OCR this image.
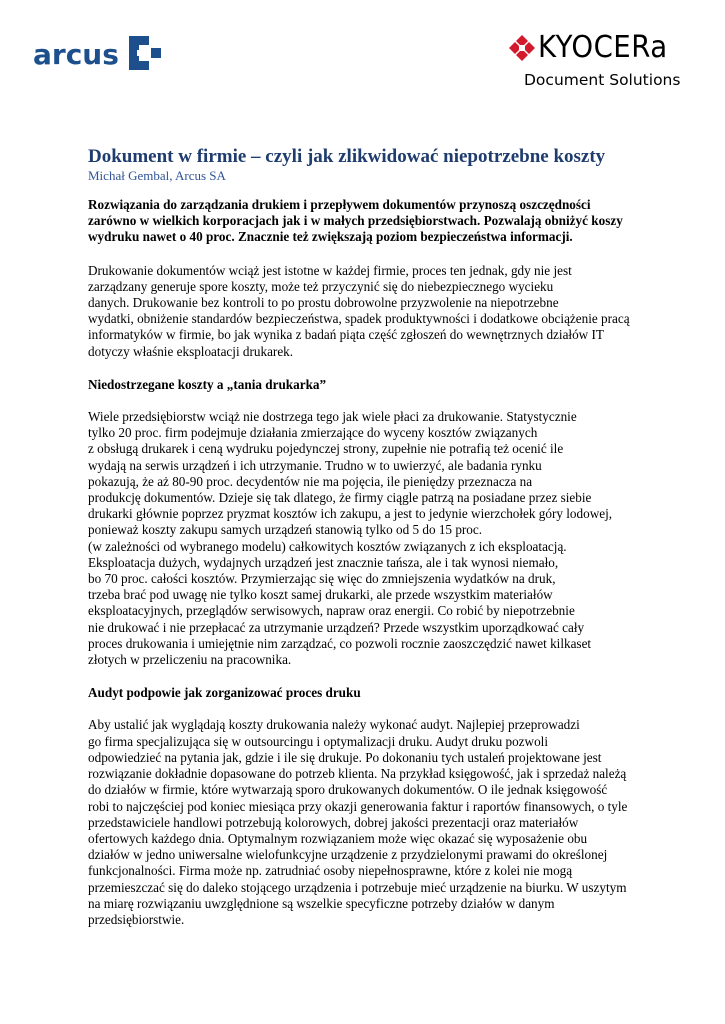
arcus	KYOCERa
Document Solutions
Dokument w firmie – czyli jak zlikwidować niepotrzebne koszty
Michał Gembal, Arcus SA

Rozwiązania do zarządzania drukiem i przepływem dokumentów przynoszą oszczędności
zarówno w wielkich korporacjach jak i w małych przedsiębiorstwach. Pozwalają obniżyć koszy
wydruku nawet o 40 proc. Znacznie też zwiększają poziom bezpieczeństwa informacji.

Drukowanie dokumentów wciąż jest istotne w każdej firmie, proces ten jednak, gdy nie jest
zarządzany generuje spore koszty, może też przyczynić się do niebezpiecznego wycieku
danych. Drukowanie bez kontroli to po prostu dobrowolne przyzwolenie na niepotrzebne
wydatki, obniżenie standardów bezpieczeństwa, spadek produktywności i dodatkowe obciążenie pracą
informatyków w firmie, bo jak wynika z badań piąta część zgłoszeń do wewnętrznych działów IT
dotyczy właśnie eksploatacji drukarek.

Niedostrzegane koszty a „tania drukarka”

Wiele przedsiębiorstw wciąż nie dostrzega tego jak wiele płaci za drukowanie. Statystycznie
tylko 20 proc. firm podejmuje działania zmierzające do wyceny kosztów związanych
z obsługą drukarek i ceną wydruku pojedynczej strony, zupełnie nie potrafią też ocenić ile
wydają na serwis urządzeń i ich utrzymanie. Trudno w to uwierzyć, ale badania rynku
pokazują, że aż 80-90 proc. decydentów nie ma pojęcia, ile pieniędzy przeznacza na
produkcję dokumentów. Dzieje się tak dlatego, że firmy ciągle patrzą na posiadane przez siebie
drukarki głównie poprzez pryzmat kosztów ich zakupu, a jest to jedynie wierzchołek góry lodowej,
ponieważ koszty zakupu samych urządzeń stanowią tylko od 5 do 15 proc.
(w zależności od wybranego modelu) całkowitych kosztów związanych z ich eksploatacją.
Eksploatacja dużych, wydajnych urządzeń jest znacznie tańsza, ale i tak wynosi niemało,
bo 70 proc. całości kosztów. Przymierzając się więc do zmniejszenia wydatków na druk,
trzeba brać pod uwagę nie tylko koszt samej drukarki, ale przede wszystkim materiałów
eksploatacyjnych, przeglądów serwisowych, napraw oraz energii. Co robić by niepotrzebnie
nie drukować i nie przepłacać za utrzymanie urządzeń? Przede wszystkim uporządkować cały
proces drukowania i umiejętnie nim zarządzać, co pozwoli rocznie zaoszczędzić nawet kilkaset
złotych w przeliczeniu na pracownika.

Audyt podpowie jak zorganizować proces druku

Aby ustalić jak wyglądają koszty drukowania należy wykonać audyt. Najlepiej przeprowadzi
go firma specjalizująca się w outsourcingu i optymalizacji druku. Audyt druku pozwoli
odpowiedzieć na pytania jak, gdzie i ile się drukuje. Po dokonaniu tych ustaleń projektowane jest
rozwiązanie dokładnie dopasowane do potrzeb klienta. Na przykład księgowość, jak i sprzedaż należą
do działów w firmie, które wytwarzają sporo drukowanych dokumentów. O ile jednak księgowość
robi to najczęściej pod koniec miesiąca przy okazji generowania faktur i raportów finansowych, o tyle
przedstawiciele handlowi potrzebują kolorowych, dobrej jakości prezentacji oraz materiałów
ofertowych każdego dnia. Optymalnym rozwiązaniem może więc okazać się wyposażenie obu
działów w jedno uniwersalne wielofunkcyjne urządzenie z przydzielonymi prawami do określonej
funkcjonalności. Firma może np. zatrudniać osoby niepełnosprawne, które z kolei nie mogą
przemieszczać się do daleko stojącego urządzenia i potrzebuje mieć urządzenie na biurku. W uszytym
na miarę rozwiązaniu uwzględnione są wszelkie specyficzne potrzeby działów w danym
przedsiębiorstwie.
